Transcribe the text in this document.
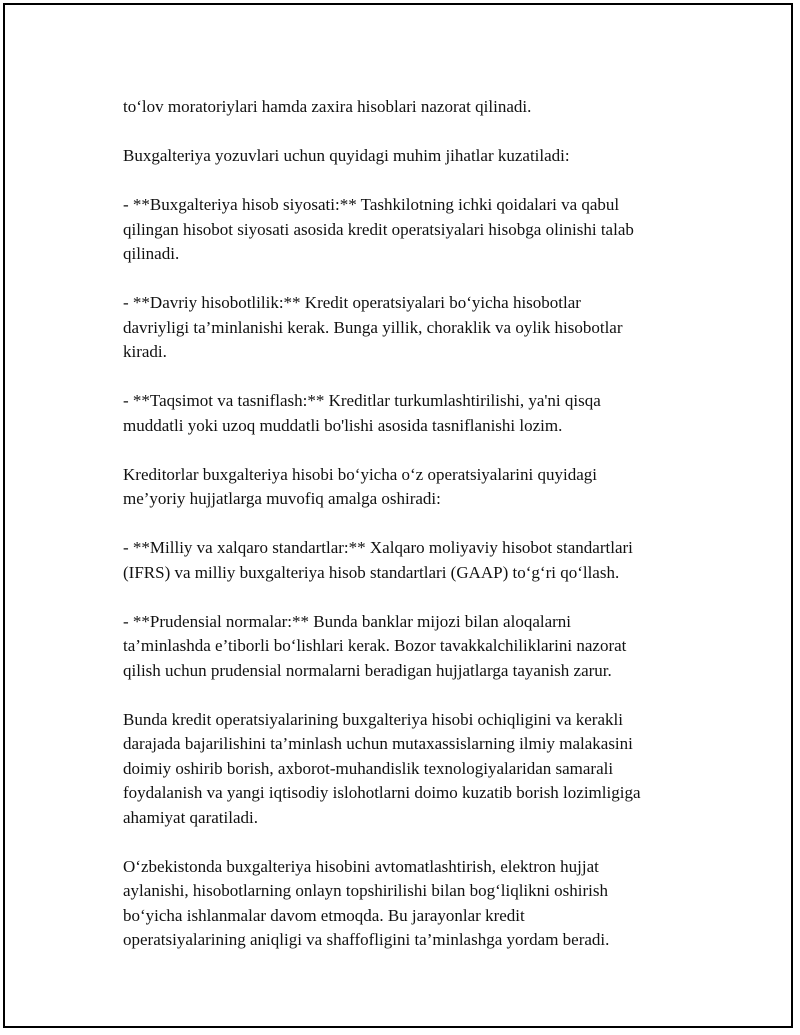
to‘lov moratoriylari hamda zaxira hisoblari nazorat qilinadi.

Buxgalteriya yozuvlari uchun quyidagi muhim jihatlar kuzatiladi:

- **Buxgalteriya hisob siyosati:** Tashkilotning ichki qoidalari va qabul
qilingan hisobot siyosati asosida kredit operatsiyalari hisobga olinishi talab
qilinadi.

- **Davriy hisobotlilik:** Kredit operatsiyalari bo‘yicha hisobotlar
davriyligi ta’minlanishi kerak. Bunga yillik, choraklik va oylik hisobotlar
kiradi.

- **Taqsimot va tasniflash:** Kreditlar turkumlashtirilishi, ya'ni qisqa
muddatli yoki uzoq muddatli bo'lishi asosida tasniflanishi lozim.

Kreditorlar buxgalteriya hisobi bo‘yicha o‘z operatsiyalarini quyidagi
me’yoriy hujjatlarga muvofiq amalga oshiradi:

- **Milliy va xalqaro standartlar:** Xalqaro moliyaviy hisobot standartlari
(IFRS) va milliy buxgalteriya hisob standartlari (GAAP) to‘g‘ri qo‘llash.

- **Prudensial normalar:** Bunda banklar mijozi bilan aloqalarni
ta’minlashda e’tiborli bo‘lishlari kerak. Bozor tavakkalchiliklarini nazorat
qilish uchun prudensial normalarni beradigan hujjatlarga tayanish zarur.

Bunda kredit operatsiyalarining buxgalteriya hisobi ochiqligini va kerakli
darajada bajarilishini ta’minlash uchun mutaxassislarning ilmiy malakasini
doimiy oshirib borish, axborot-muhandislik texnologiyalaridan samarali
foydalanish va yangi iqtisodiy islohotlarni doimo kuzatib borish lozimligiga
ahamiyat qaratiladi.

O‘zbekistonda buxgalteriya hisobini avtomatlashtirish, elektron hujjat
aylanishi, hisobotlarning onlayn topshirilishi bilan bog‘liqlikni oshirish
bo‘yicha ishlanmalar davom etmoqda. Bu jarayonlar kredit
operatsiyalarining aniqligi va shaffofligini ta’minlashga yordam beradi.
